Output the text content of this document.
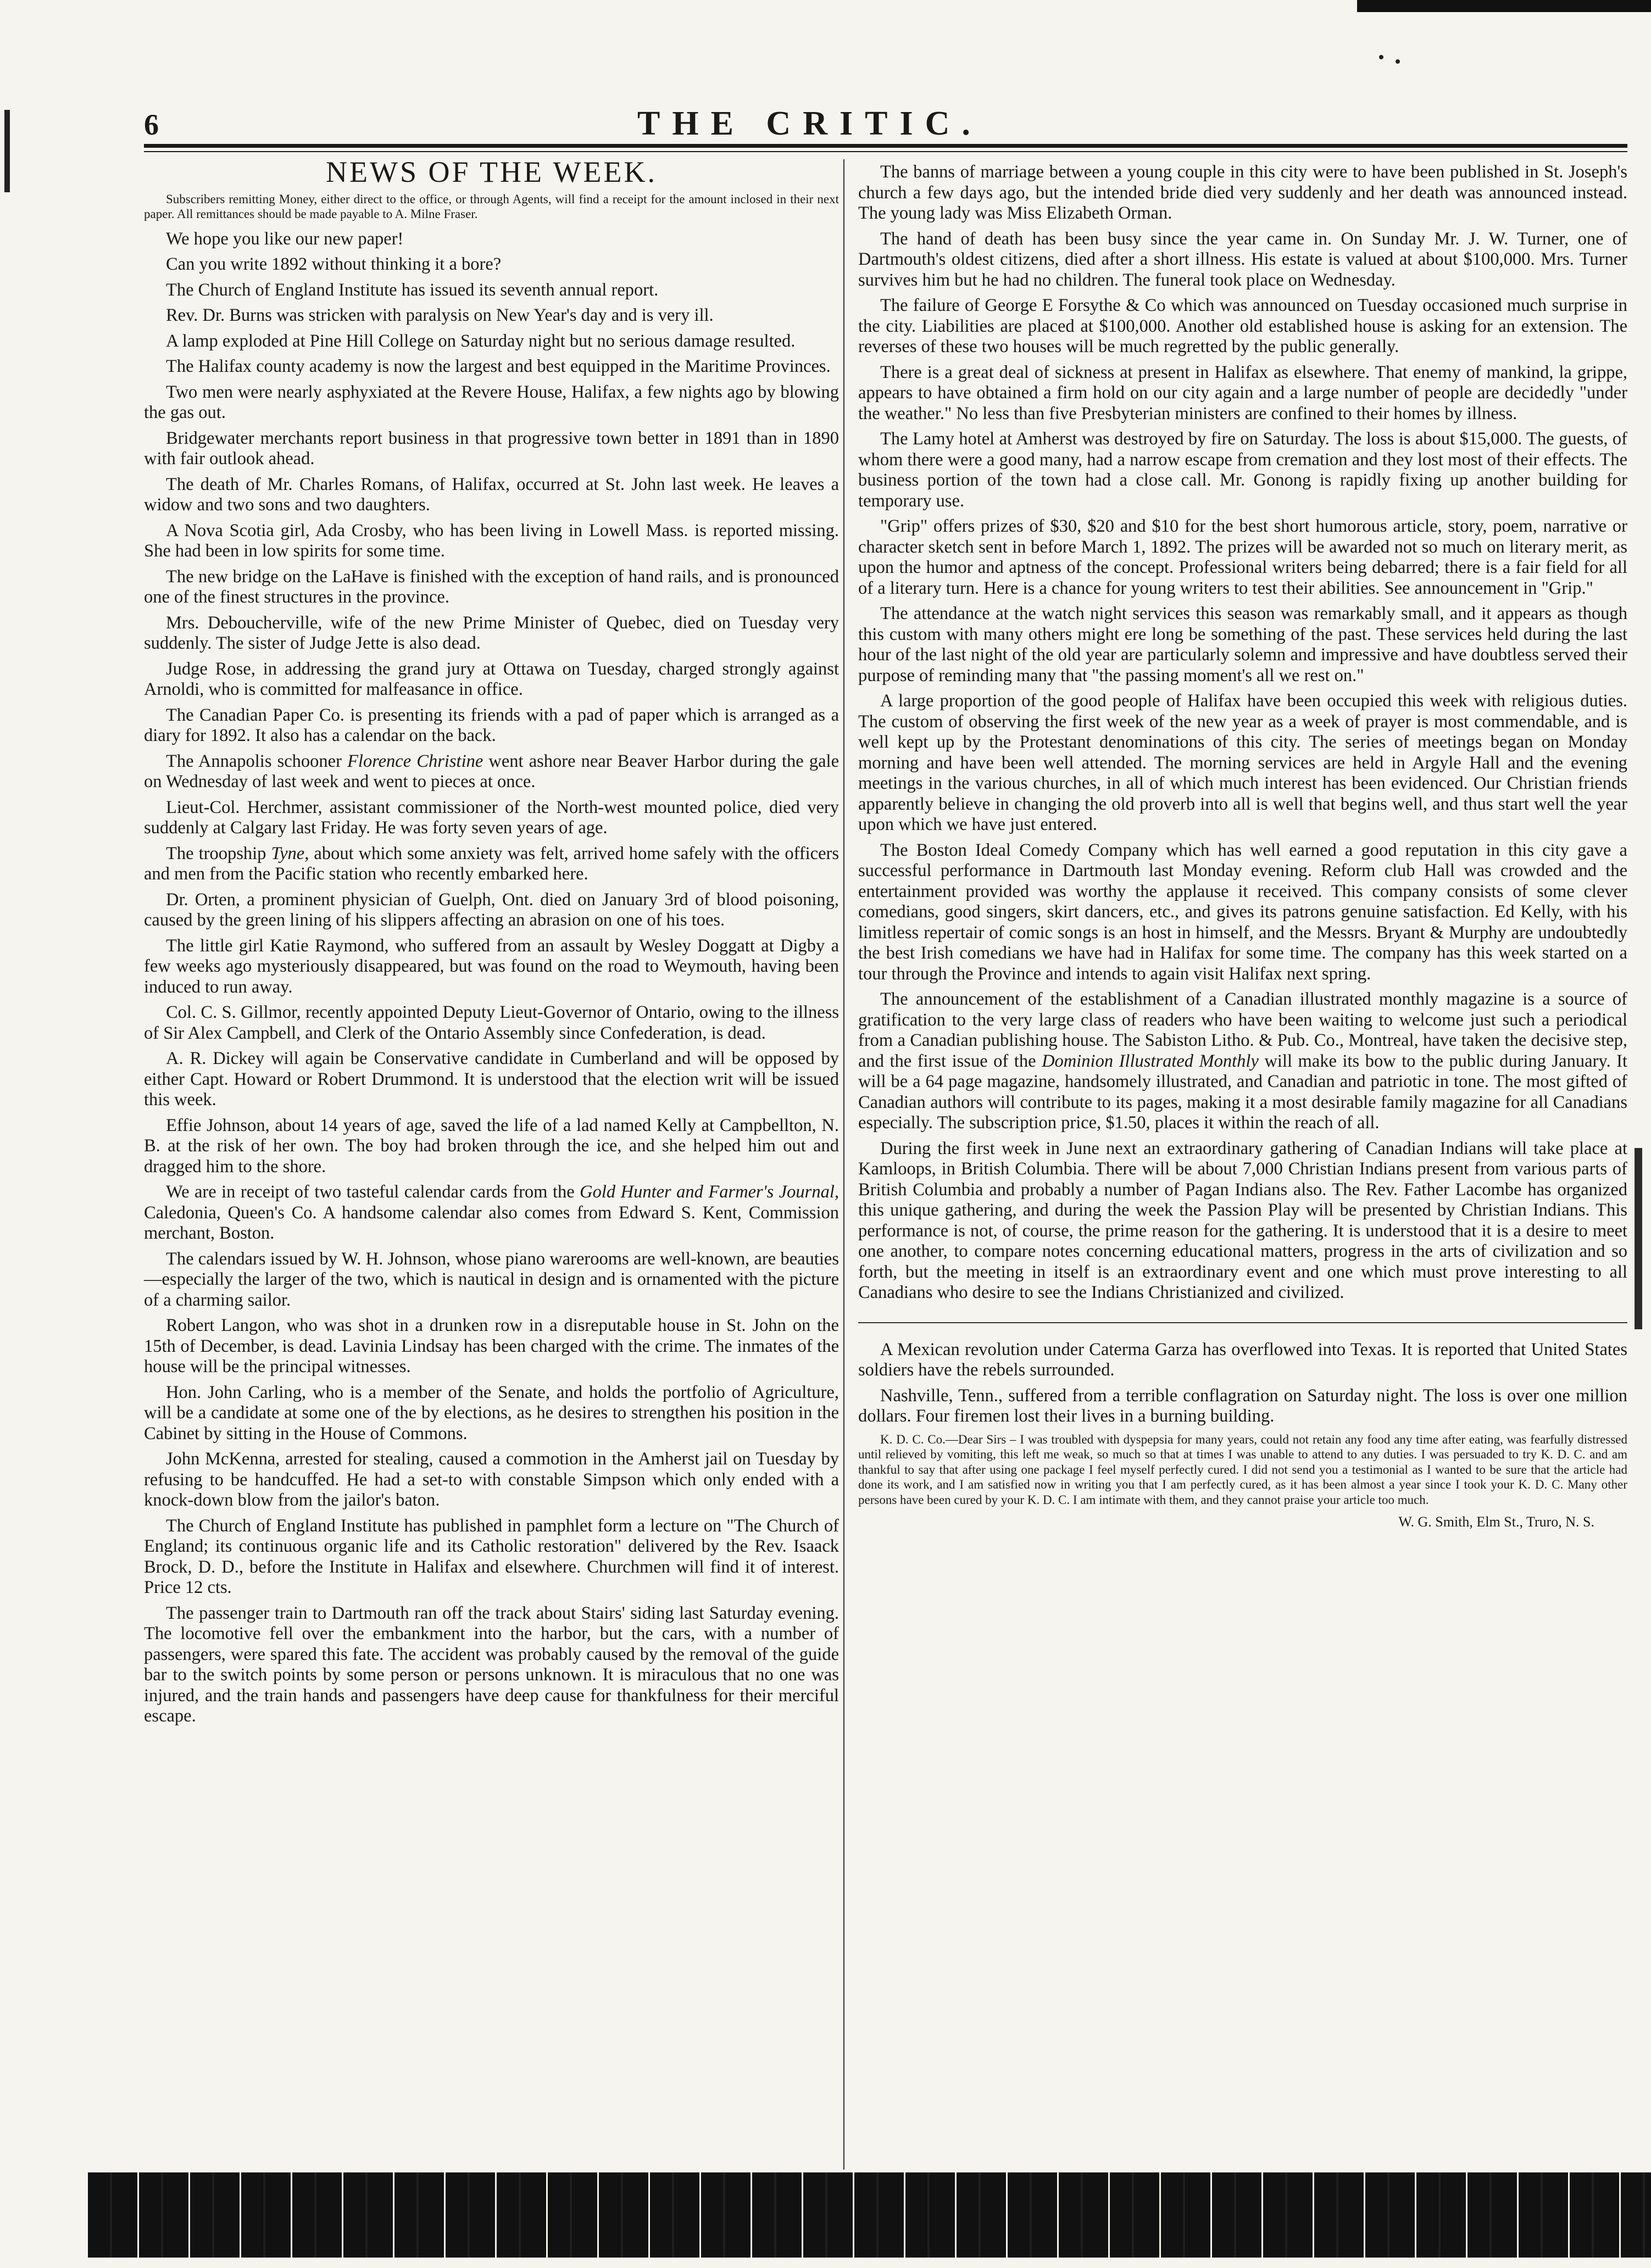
6	THE CRITIC.
NEWS OF THE WEEK.

Subscribers remitting Money, either direct to the office, or through Agents, will find a receipt for the amount inclosed in their next paper. All remittances should be made payable to A. Milne Fraser.

We hope you like our new paper!

Can you write 1892 without thinking it a bore?

The Church of England Institute has issued its seventh annual report.

Rev. Dr. Burns was stricken with paralysis on New Year's day and is very ill.

A lamp exploded at Pine Hill College on Saturday night but no serious damage resulted.

The Halifax county academy is now the largest and best equipped in the Maritime Provinces.

Two men were nearly asphyxiated at the Revere House, Halifax, a few nights ago by blowing the gas out.

Bridgewater merchants report business in that progressive town better in 1891 than in 1890 with fair outlook ahead.

The death of Mr. Charles Romans, of Halifax, occurred at St. John last week. He leaves a widow and two sons and two daughters.

A Nova Scotia girl, Ada Crosby, who has been living in Lowell Mass. is reported missing. She had been in low spirits for some time.

The new bridge on the LaHave is finished with the exception of hand rails, and is pronounced one of the finest structures in the province.

Mrs. Deboucherville, wife of the new Prime Minister of Quebec, died on Tuesday very suddenly. The sister of Judge Jette is also dead.

Judge Rose, in addressing the grand jury at Ottawa on Tuesday, charged strongly against Arnoldi, who is committed for malfeasance in office.

The Canadian Paper Co. is presenting its friends with a pad of paper which is arranged as a diary for 1892. It also has a calendar on the back.

The Annapolis schooner Florence Christine went ashore near Beaver Harbor during the gale on Wednesday of last week and went to pieces at once.

Lieut-Col. Herchmer, assistant commissioner of the North-west mounted police, died very suddenly at Calgary last Friday. He was forty seven years of age.

The troopship Tyne, about which some anxiety was felt, arrived home safely with the officers and men from the Pacific station who recently embarked here.

Dr. Orten, a prominent physician of Guelph, Ont. died on January 3rd of blood poisoning, caused by the green lining of his slippers affecting an abrasion on one of his toes.

The little girl Katie Raymond, who suffered from an assault by Wesley Doggatt at Digby a few weeks ago mysteriously disappeared, but was found on the road to Weymouth, having been induced to run away.

Col. C. S. Gillmor, recently appointed Deputy Lieut-Governor of Ontario, owing to the illness of Sir Alex Campbell, and Clerk of the Ontario Assembly since Confederation, is dead.

A. R. Dickey will again be Conservative candidate in Cumberland and will be opposed by either Capt. Howard or Robert Drummond. It is understood that the election writ will be issued this week.

Effie Johnson, about 14 years of age, saved the life of a lad named Kelly at Campbellton, N. B. at the risk of her own. The boy had broken through the ice, and she helped him out and dragged him to the shore.

We are in receipt of two tasteful calendar cards from the Gold Hunter and Farmer's Journal, Caledonia, Queen's Co. A handsome calendar also comes from Edward S. Kent, Commission merchant, Boston.

The calendars issued by W. H. Johnson, whose piano warerooms are well-known, are beauties—especially the larger of the two, which is nautical in design and is ornamented with the picture of a charming sailor.

Robert Langon, who was shot in a drunken row in a disreputable house in St. John on the 15th of December, is dead. Lavinia Lindsay has been charged with the crime. The inmates of the house will be the principal witnesses.

Hon. John Carling, who is a member of the Senate, and holds the portfolio of Agriculture, will be a candidate at some one of the by elections, as he desires to strengthen his position in the Cabinet by sitting in the House of Commons.

John McKenna, arrested for stealing, caused a commotion in the Amherst jail on Tuesday by refusing to be handcuffed. He had a set-to with constable Simpson which only ended with a knock-down blow from the jailor's baton.

The Church of England Institute has published in pamphlet form a lecture on "The Church of England; its continuous organic life and its Catholic restoration" delivered by the Rev. Isaack Brock, D. D., before the Institute in Halifax and elsewhere. Churchmen will find it of interest. Price 12 cts.

The passenger train to Dartmouth ran off the track about Stairs' siding last Saturday evening. The locomotive fell over the embankment into the harbor, but the cars, with a number of passengers, were spared this fate. The accident was probably caused by the removal of the guide bar to the switch points by some person or persons unknown. It is miraculous that no one was injured, and the train hands and passengers have deep cause for thankfulness for their merciful escape.

The banns of marriage between a young couple in this city were to have been published in St. Joseph's church a few days ago, but the intended bride died very suddenly and her death was announced instead. The young lady was Miss Elizabeth Orman.

The hand of death has been busy since the year came in. On Sunday Mr. J. W. Turner, one of Dartmouth's oldest citizens, died after a short illness. His estate is valued at about $100,000. Mrs. Turner survives him but he had no children. The funeral took place on Wednesday.

The failure of George E Forsythe & Co which was announced on Tuesday occasioned much surprise in the city. Liabilities are placed at $100,000. Another old established house is asking for an extension. The reverses of these two houses will be much regretted by the public generally.

There is a great deal of sickness at present in Halifax as elsewhere. That enemy of mankind, la grippe, appears to have obtained a firm hold on our city again and a large number of people are decidedly "under the weather." No less than five Presbyterian ministers are confined to their homes by illness.

The Lamy hotel at Amherst was destroyed by fire on Saturday. The loss is about $15,000. The guests, of whom there were a good many, had a narrow escape from cremation and they lost most of their effects. The business portion of the town had a close call. Mr. Gonong is rapidly fixing up another building for temporary use.

"Grip" offers prizes of $30, $20 and $10 for the best short humorous article, story, poem, narrative or character sketch sent in before March 1, 1892. The prizes will be awarded not so much on literary merit, as upon the humor and aptness of the concept. Professional writers being debarred; there is a fair field for all of a literary turn. Here is a chance for young writers to test their abilities. See announcement in "Grip."

The attendance at the watch night services this season was remarkably small, and it appears as though this custom with many others might ere long be something of the past. These services held during the last hour of the last night of the old year are particularly solemn and impressive and have doubtless served their purpose of reminding many that "the passing moment's all we rest on."

A large proportion of the good people of Halifax have been occupied this week with religious duties. The custom of observing the first week of the new year as a week of prayer is most commendable, and is well kept up by the Protestant denominations of this city. The series of meetings began on Monday morning and have been well attended. The morning services are held in Argyle Hall and the evening meetings in the various churches, in all of which much interest has been evidenced. Our Christian friends apparently believe in changing the old proverb into all is well that begins well, and thus start well the year upon which we have just entered.

The Boston Ideal Comedy Company which has well earned a good reputation in this city gave a successful performance in Dartmouth last Monday evening. Reform club Hall was crowded and the entertainment provided was worthy the applause it received. This company consists of some clever comedians, good singers, skirt dancers, etc., and gives its patrons genuine satisfaction. Ed Kelly, with his limitless repertair of comic songs is an host in himself, and the Messrs. Bryant & Murphy are undoubtedly the best Irish comedians we have had in Halifax for some time. The company has this week started on a tour through the Province and intends to again visit Halifax next spring.

The announcement of the establishment of a Canadian illustrated monthly magazine is a source of gratification to the very large class of readers who have been waiting to welcome just such a periodical from a Canadian publishing house. The Sabiston Litho. & Pub. Co., Montreal, have taken the decisive step, and the first issue of the Dominion Illustrated Monthly will make its bow to the public during January. It will be a 64 page magazine, handsomely illustrated, and Canadian and patriotic in tone. The most gifted of Canadian authors will contribute to its pages, making it a most desirable family magazine for all Canadians especially. The subscription price, $1.50, places it within the reach of all.

During the first week in June next an extraordinary gathering of Canadian Indians will take place at Kamloops, in British Columbia. There will be about 7,000 Christian Indians present from various parts of British Columbia and probably a number of Pagan Indians also. The Rev. Father Lacombe has organized this unique gathering, and during the week the Passion Play will be presented by Christian Indians. This performance is not, of course, the prime reason for the gathering. It is understood that it is a desire to meet one another, to compare notes concerning educational matters, progress in the arts of civilization and so forth, but the meeting in itself is an extraordinary event and one which must prove interesting to all Canadians who desire to see the Indians Christianized and civilized.

A Mexican revolution under Caterma Garza has overflowed into Texas. It is reported that United States soldiers have the rebels surrounded.

Nashville, Tenn., suffered from a terrible conflagration on Saturday night. The loss is over one million dollars. Four firemen lost their lives in a burning building.

K. D. C. Co.—Dear Sirs – I was troubled with dyspepsia for many years, could not retain any food any time after eating, was fearfully distressed until relieved by vomiting, this left me weak, so much so that at times I was unable to attend to any duties. I was persuaded to try K. D. C. and am thankful to say that after using one package I feel myself perfectly cured. I did not send you a testimonial as I wanted to be sure that the article had done its work, and I am satisfied now in writing you that I am perfectly cured, as it has been almost a year since I took your K. D. C. Many other persons have been cured by your K. D. C. I am intimate with them, and they cannot praise your article too much.

W. G. Smith, Elm St., Truro, N. S.
